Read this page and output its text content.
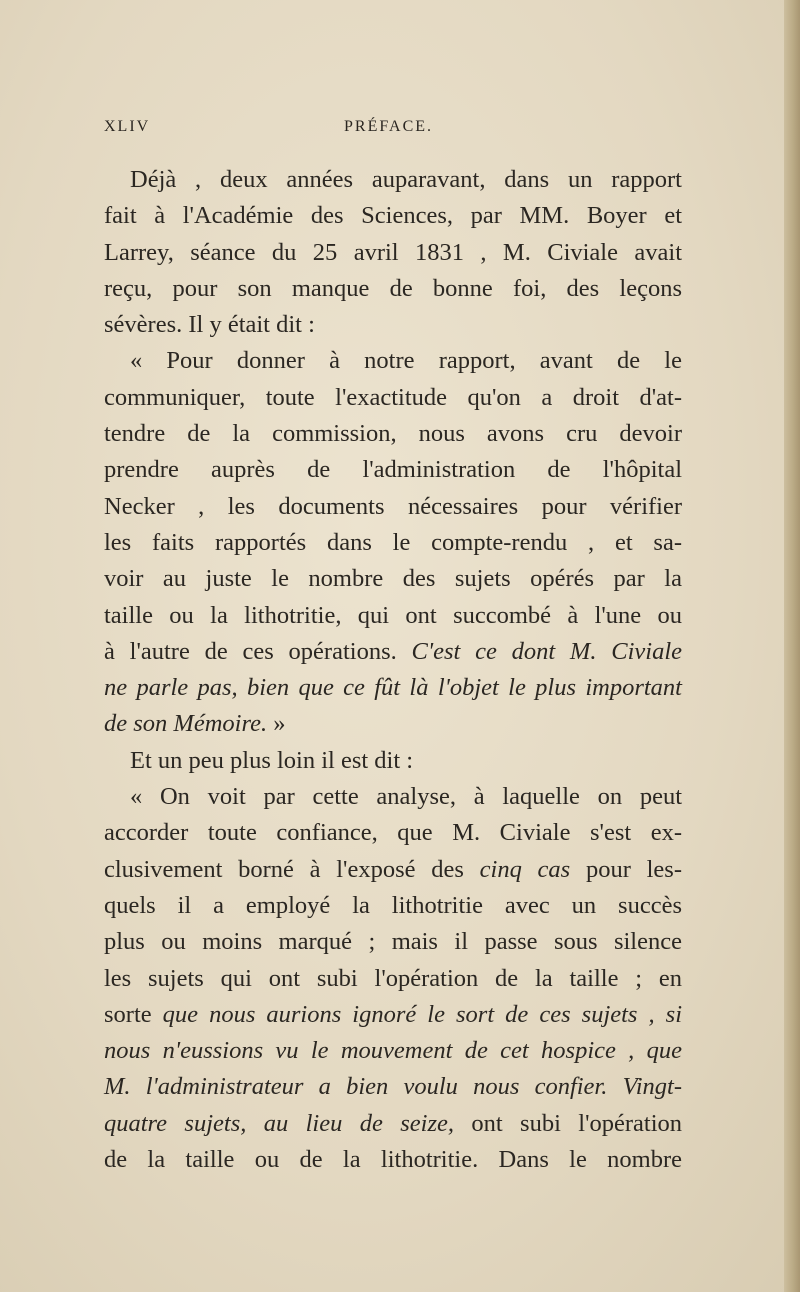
XLIV	PRÉFACE.
Déjà , deux années auparavant, dans un rapport
fait à l'Académie des Sciences, par MM. Boyer et
Larrey, séance du 25 avril 1831 , M. Civiale avait
reçu, pour son manque de bonne foi, des leçons
sévères. Il y était dit :
« Pour donner à notre rapport, avant de le
communiquer, toute l'exactitude qu'on a droit d'at-
tendre de la commission, nous avons cru devoir
prendre auprès de l'administration de l'hôpital
Necker , les documents nécessaires pour vérifier
les faits rapportés dans le compte-rendu , et sa-
voir au juste le nombre des sujets opérés par la
taille ou la lithotritie, qui ont succombé à l'une ou
à l'autre de ces opérations. C'est ce dont M. Civiale
ne parle pas, bien que ce fût là l'objet le plus important
de son Mémoire. »
Et un peu plus loin il est dit :
« On voit par cette analyse, à laquelle on peut
accorder toute confiance, que M. Civiale s'est ex-
clusivement borné à l'exposé des cinq cas pour les-
quels il a employé la lithotritie avec un succès
plus ou moins marqué ; mais il passe sous silence
les sujets qui ont subi l'opération de la taille ; en
sorte que nous aurions ignoré le sort de ces sujets , si
nous n'eussions vu le mouvement de cet hospice , que
M. l'administrateur a bien voulu nous confier. Vingt-
quatre sujets, au lieu de seize, ont subi l'opération
de la taille ou de la lithotritie. Dans le nombre
